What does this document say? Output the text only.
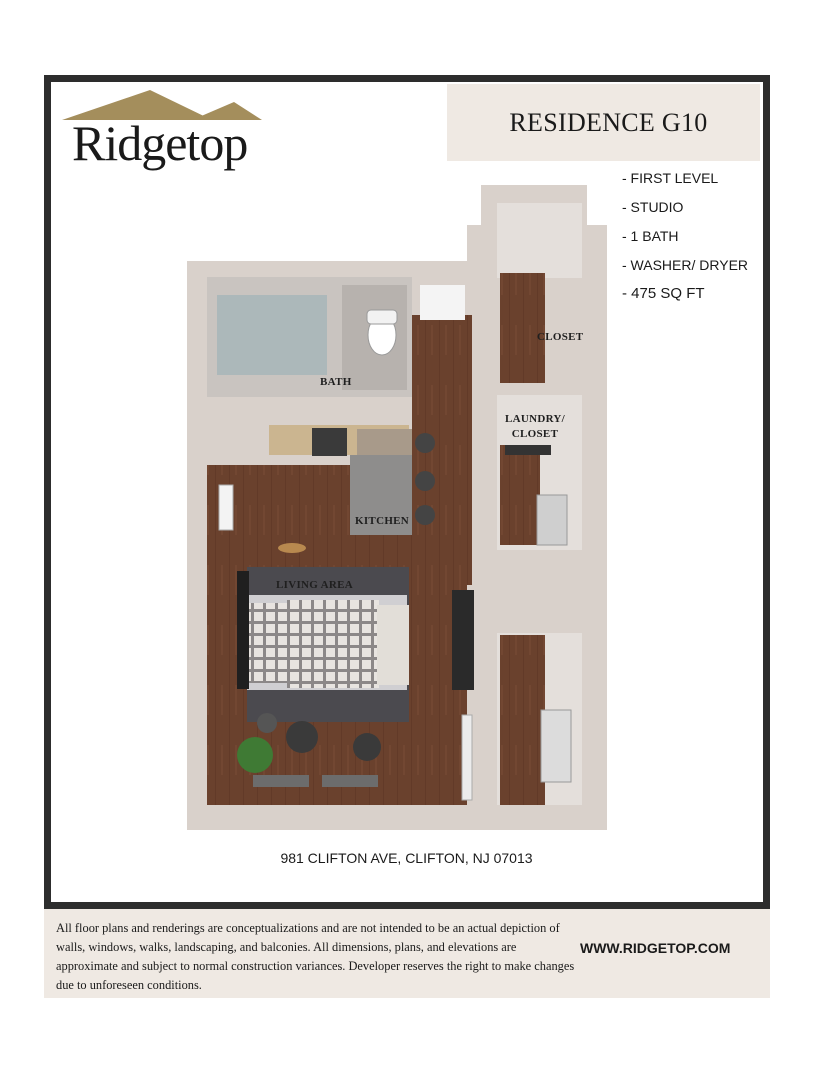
Ridgetop	RESIDENCE G10
- FIRST LEVEL
- STUDIO
- 1 BATH
- WASHER/ DRYER
- 475 SQ FT
CLOSET
BATH
LAUNDRY/
CLOSET
KITCHEN
LIVING AREA
981 CLIFTON AVE, CLIFTON, NJ 07013
All floor plans and renderings are conceptualizations and are not intended to be an actual depiction of walls, windows, walks, landscaping, and balconies. All dimensions, plans, and elevations are approximate and subject to normal construction variances. Developer reserves the right to make changes due to unforeseen conditions.
WWW.RIDGETOP.COM
